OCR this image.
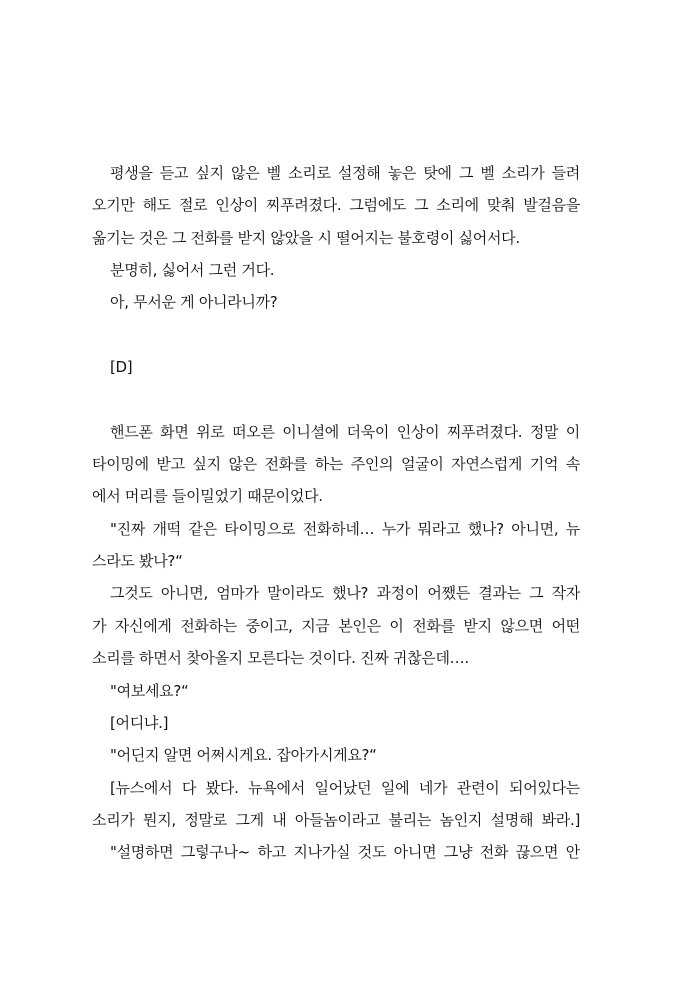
평생을 듣고 싶지 않은 벨 소리로 설정해 놓은 탓에 그 벨 소리가 들려
오기만 해도 절로 인상이 찌푸려졌다. 그럼에도 그 소리에 맞춰 발걸음을
옮기는 것은 그 전화를 받지 않았을 시 떨어지는 불호령이 싫어서다.
분명히, 싫어서 그런 거다.
아, 무서운 게 아니라니까?
[D]
핸드폰 화면 위로 떠오른 이니셜에 더욱이 인상이 찌푸려졌다. 정말 이
타이밍에 받고 싶지 않은 전화를 하는 주인의 얼굴이 자연스럽게 기억 속
에서 머리를 들이밀었기 때문이었다.
"진짜 개떡 같은 타이밍으로 전화하네… 누가 뭐라고 했나? 아니면, 뉴
스라도 봤나?“
그것도 아니면, 엄마가 말이라도 했나? 과정이 어쨌든 결과는 그 작자
가 자신에게 전화하는 중이고, 지금 본인은 이 전화를 받지 않으면 어떤
소리를 하면서 찾아올지 모른다는 것이다. 진짜 귀찮은데….
"여보세요?“
[어디냐.]
"어딘지 알면 어쩌시게요. 잡아가시게요?“
[뉴스에서 다 봤다. 뉴욕에서 일어났던 일에 네가 관련이 되어있다는
소리가 뭔지, 정말로 그게 내 아들놈이라고 불리는 놈인지 설명해 봐라.]
"설명하면 그렇구나~ 하고 지나가실 것도 아니면 그냥 전화 끊으면 안
